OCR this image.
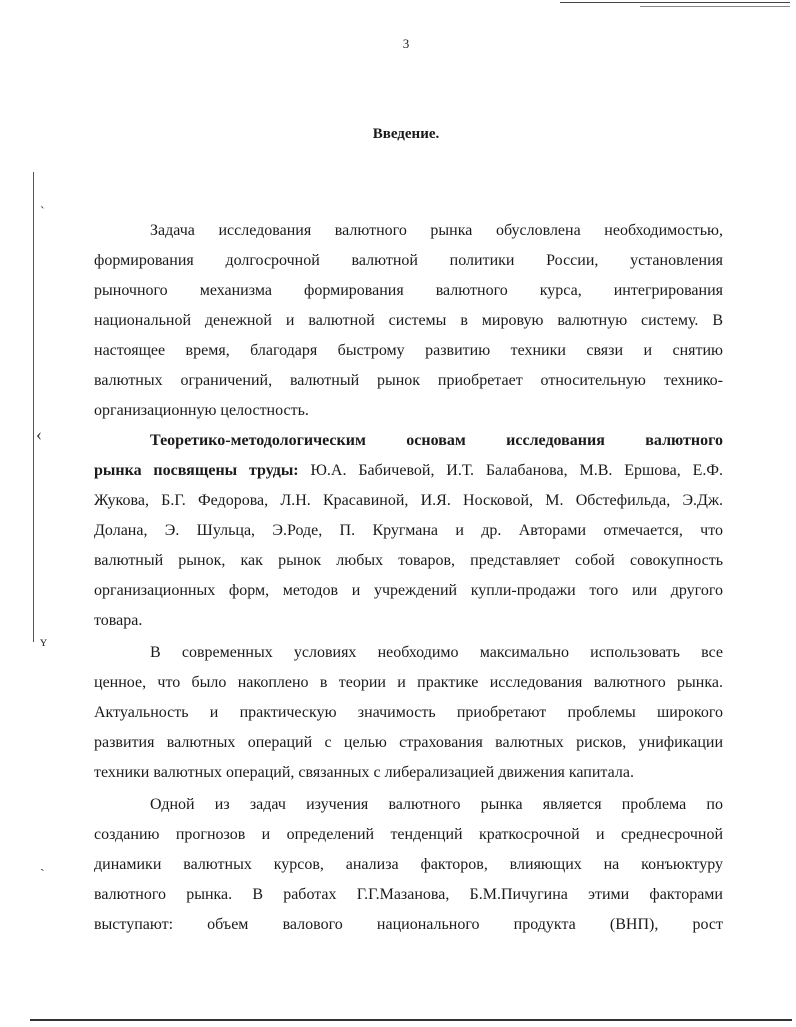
˴
‹
ʏ
ˏ
3
Введение.
Задача исследования валютного рынка обусловлена необходимостью,
формирования долгосрочной валютной политики России, установления
рыночного механизма формирования валютного курса, интегрирования
национальной денежной и валютной системы в мировую валютную систему. В
настоящее время, благодаря быстрому развитию техники связи и снятию
валютных ограничений, валютный рынок приобретает относительную технико-
организационную целостность.
Теоретико-методологическим основам исследования валютного
рынка посвящены труды: Ю.А. Бабичевой, И.Т. Балабанова, М.В. Ершова, Е.Ф.
Жукова, Б.Г. Федорова, Л.Н. Красавиной, И.Я. Носковой, М. Обстефильда, Э.Дж.
Долана, Э. Шульца, Э.Роде, П. Кругмана и др. Авторами отмечается, что
валютный рынок, как рынок любых товаров, представляет собой совокупность
организационных форм, методов и учреждений купли-продажи того или другого
товара.
В современных условиях необходимо максимально использовать все
ценное, что было накоплено в теории и практике исследования валютного рынка.
Актуальность и практическую значимость приобретают проблемы широкого
развития валютных операций с целью страхования валютных рисков, унификации
техники валютных операций, связанных с либерализацией движения капитала.
Одной из задач изучения валютного рынка является проблема по
созданию прогнозов и определений тенденций краткосрочной и среднесрочной
динамики валютных курсов, анализа факторов, влияющих на конъюктуру
валютного рынка. В работах Г.Г.Мазанова, Б.М.Пичугина этими факторами
выступают: объем валового национального продукта (ВНП), рост
